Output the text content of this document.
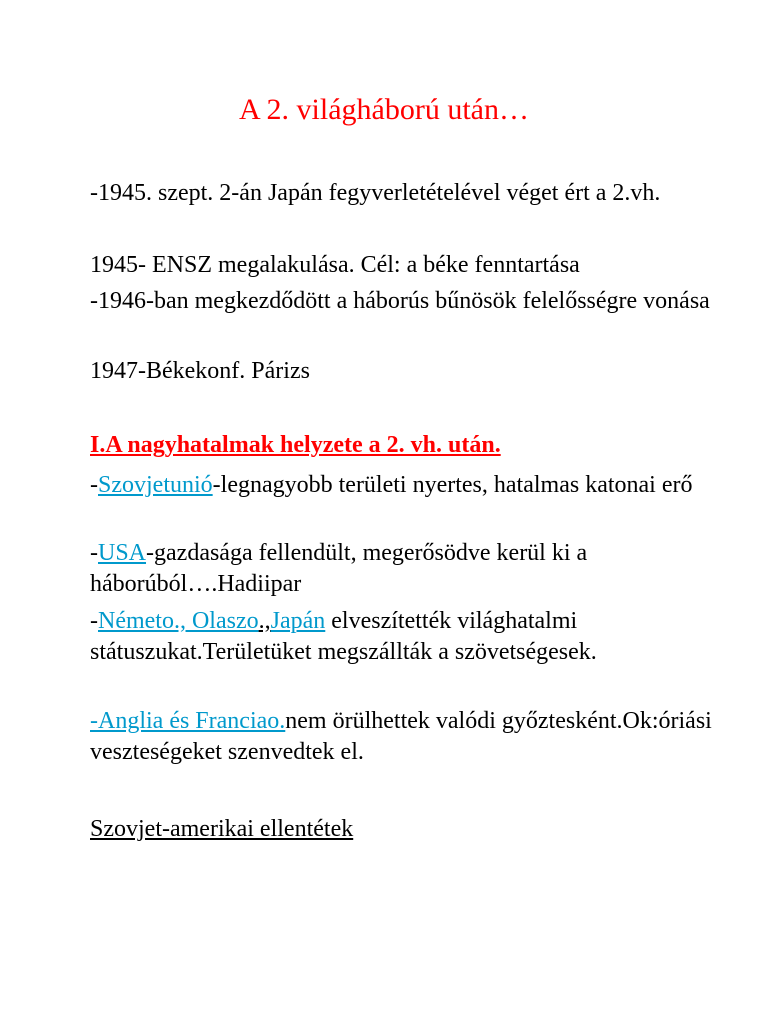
A 2. világháború után…
-1945. szept. 2-án Japán fegyverletételével véget ért a 2.vh.
1945- ENSZ megalakulása. Cél: a béke fenntartása
-1946-ban megkezdődött a háborús bűnösök felelősségre vonása
1947-Békekonf. Párizs
I.A nagyhatalmak helyzete a 2. vh. után.
-Szovjetunió-legnagyobb területi nyertes, hatalmas katonai erő
-USA-gazdasága fellendült, megerősödve kerül ki a háborúból….Hadiipar
-Németo., Olaszo.,Japán elveszítették világhatalmi státuszukat.Területüket megszállták a szövetségesek.
-Anglia és Franciao.nem örülhettek valódi győztesként.Ok:óriási veszteségeket szenvedtek el.
Szovjet-amerikai ellentétek
